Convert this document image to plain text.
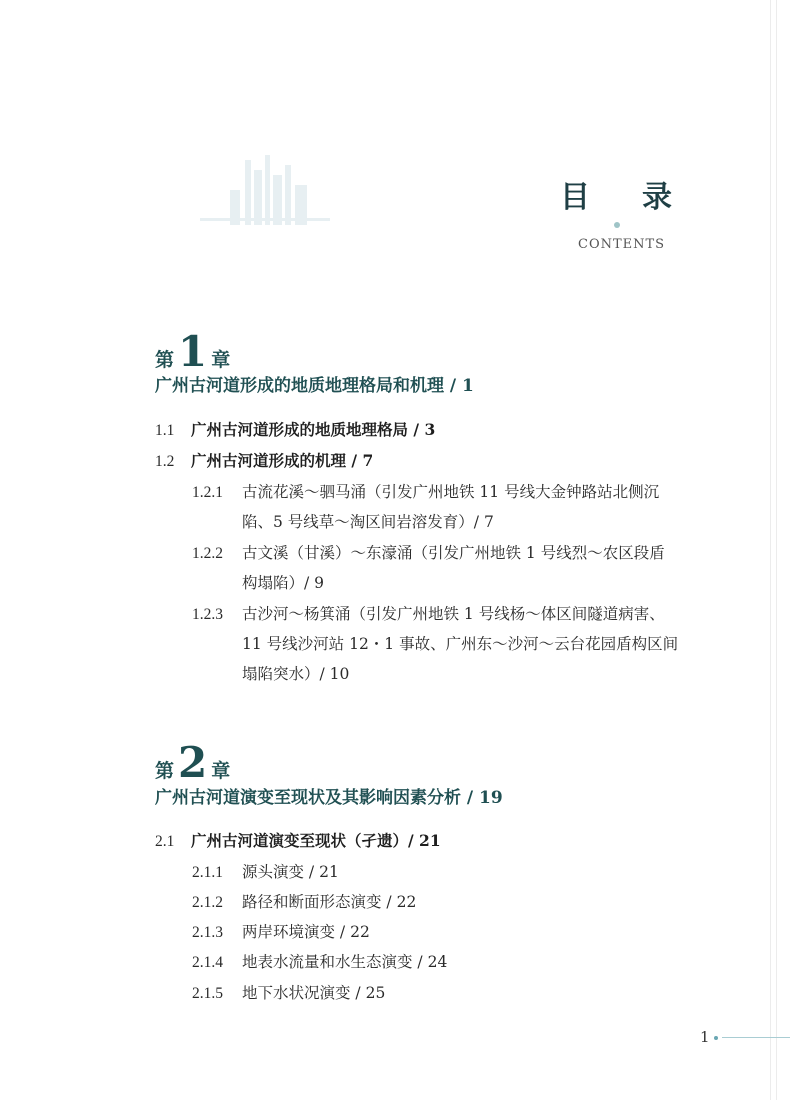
目录
CONTENTS
第1 章
广州古河道形成的地质地理格局和机理 / 1
1.1 广州古河道形成的地质地理格局 / 3
1.2 广州古河道形成的机理 / 7
1.2.1 古流花溪～驷马涌（引发广州地铁 11 号线大金钟路站北侧沉
陷、5 号线草～淘区间岩溶发育）/ 7
1.2.2 古文溪（甘溪）～东濠涌（引发广州地铁 1 号线烈～农区段盾
构塌陷）/ 9
1.2.3 古沙河～杨箕涌（引发广州地铁 1 号线杨～体区间隧道病害、
11 号线沙河站 12・1 事故、广州东～沙河～云台花园盾构区间
塌陷突水）/ 10
第2 章
广州古河道演变至现状及其影响因素分析 / 19
2.1 广州古河道演变至现状（孑遗）/ 21
2.1.1 源头演变 / 21
2.1.2 路径和断面形态演变 / 22
2.1.3 两岸环境演变 / 22
2.1.4 地表水流量和水生态演变 / 24
2.1.5 地下水状况演变 / 25
1
